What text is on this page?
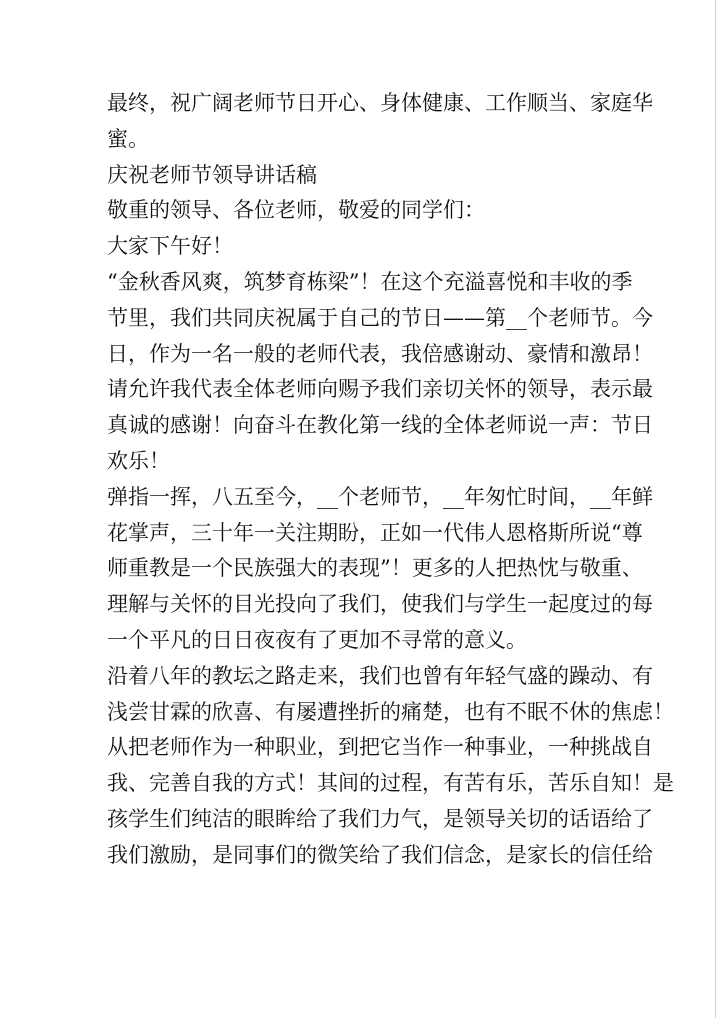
最终，祝广阔老师节日开心、身体健康、工作顺当、家庭华
蜜。
庆祝老师节领导讲话稿
敬重的领导、各位老师，敬爱的同学们：
大家下午好！
“金秋香风爽，筑梦育栋梁”！在这个充溢喜悦和丰收的季
节里，我们共同庆祝属于自己的节日——第__个老师节。今
日，作为一名一般的老师代表，我倍感谢动、豪情和激昂！
请允许我代表全体老师向赐予我们亲切关怀的领导，表示最
真诚的感谢！向奋斗在教化第一线的全体老师说一声：节日
欢乐！
弹指一挥，八五至今，__个老师节，__年匆忙时间，__年鲜
花掌声，三十年一关注期盼，正如一代伟人恩格斯所说“尊
师重教是一个民族强大的表现”！更多的人把热忱与敬重、
理解与关怀的目光投向了我们，使我们与学生一起度过的每
一个平凡的日日夜夜有了更加不寻常的意义。
沿着八年的教坛之路走来，我们也曾有年轻气盛的躁动、有
浅尝甘霖的欣喜、有屡遭挫折的痛楚，也有不眠不休的焦虑！
从把老师作为一种职业，到把它当作一种事业，一种挑战自
我、完善自我的方式！其间的过程，有苦有乐，苦乐自知！是
孩学生们纯洁的眼眸给了我们力气，是领导关切的话语给了
我们激励，是同事们的微笑给了我们信念，是家长的信任给
